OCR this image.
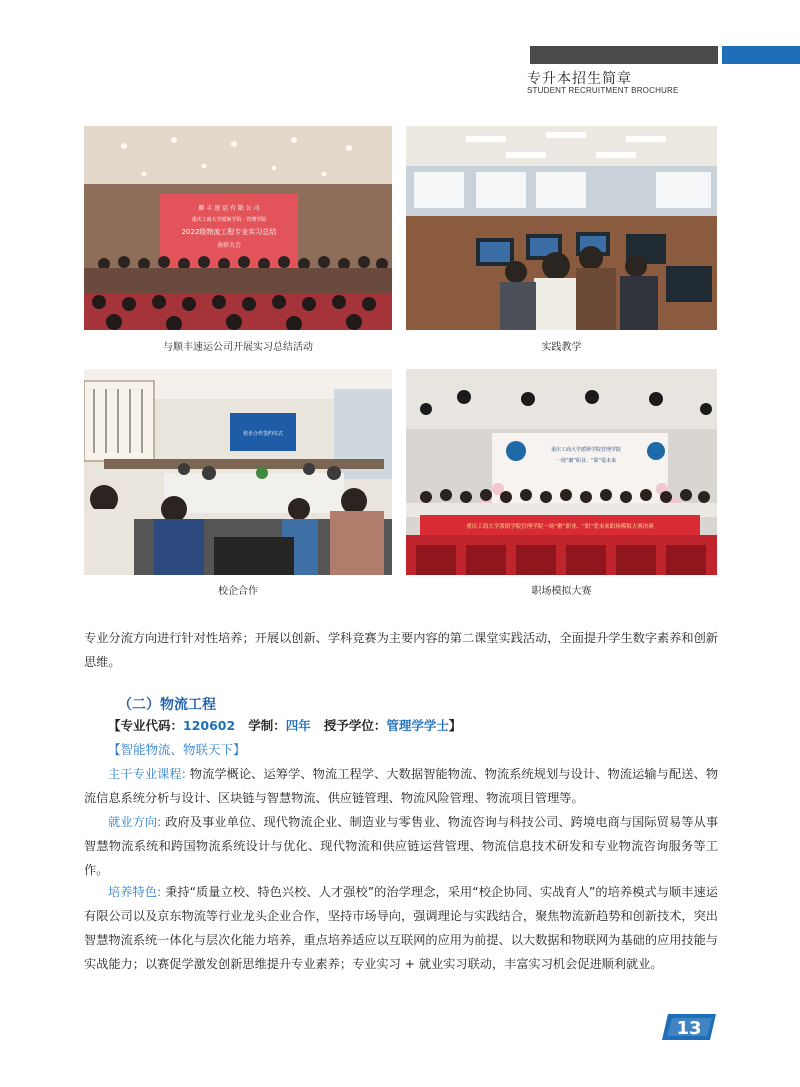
专升本招生简章
STUDENT RECRUITMENT BROCHURE
顺 丰 速 运 有 限 公 司
重庆工商大学派斯学院 · 管理学院
2022级物流工程专业实习总结
表彰大会
与顺丰速运公司开展实习总结活动	实践教学
校企合作签约仪式
校企合作
重庆工商大学派斯学院管理学院
一场“聚”职业、“职”爱未来
重庆工商大学派斯学院管理学院一场“聚”职业、“职”爱未来职场模拟大赛决赛
职场模拟大赛

专业分流方向进行针对性培养；开展以创新、学科竞赛为主要内容的第二课堂实践活动，全面提升学生数字素养和创新思维。

（二）物流工程
【专业代码：120602 学制：四年 授予学位：管理学学士】
【智能物流、物联天下】

主干专业课程: 物流学概论、运筹学、物流工程学、大数据智能物流、物流系统规划与设计、物流运输与配送、物流信息系统分析与设计、区块链与智慧物流、供应链管理、物流风险管理、物流项目管理等。

就业方向: 政府及事业单位、现代物流企业、制造业与零售业、物流咨询与科技公司、跨境电商与国际贸易等从事智慧物流系统和跨国物流系统设计与优化、现代物流和供应链运营管理、物流信息技术研发和专业物流咨询服务等工作。

培养特色: 秉持“质量立校、特色兴校、人才强校”的治学理念，采用“校企协同、实战育人”的培养模式与顺丰速运有限公司以及京东物流等行业龙头企业合作，坚持市场导向，强调理论与实践结合，聚焦物流新趋势和创新技术，突出智慧物流系统一体化与层次化能力培养，重点培养适应以互联网的应用为前提、以大数据和物联网为基础的应用技能与实战能力；以赛促学激发创新思维提升专业素养；专业实习 + 就业实习联动，丰富实习机会促进顺利就业。

13
